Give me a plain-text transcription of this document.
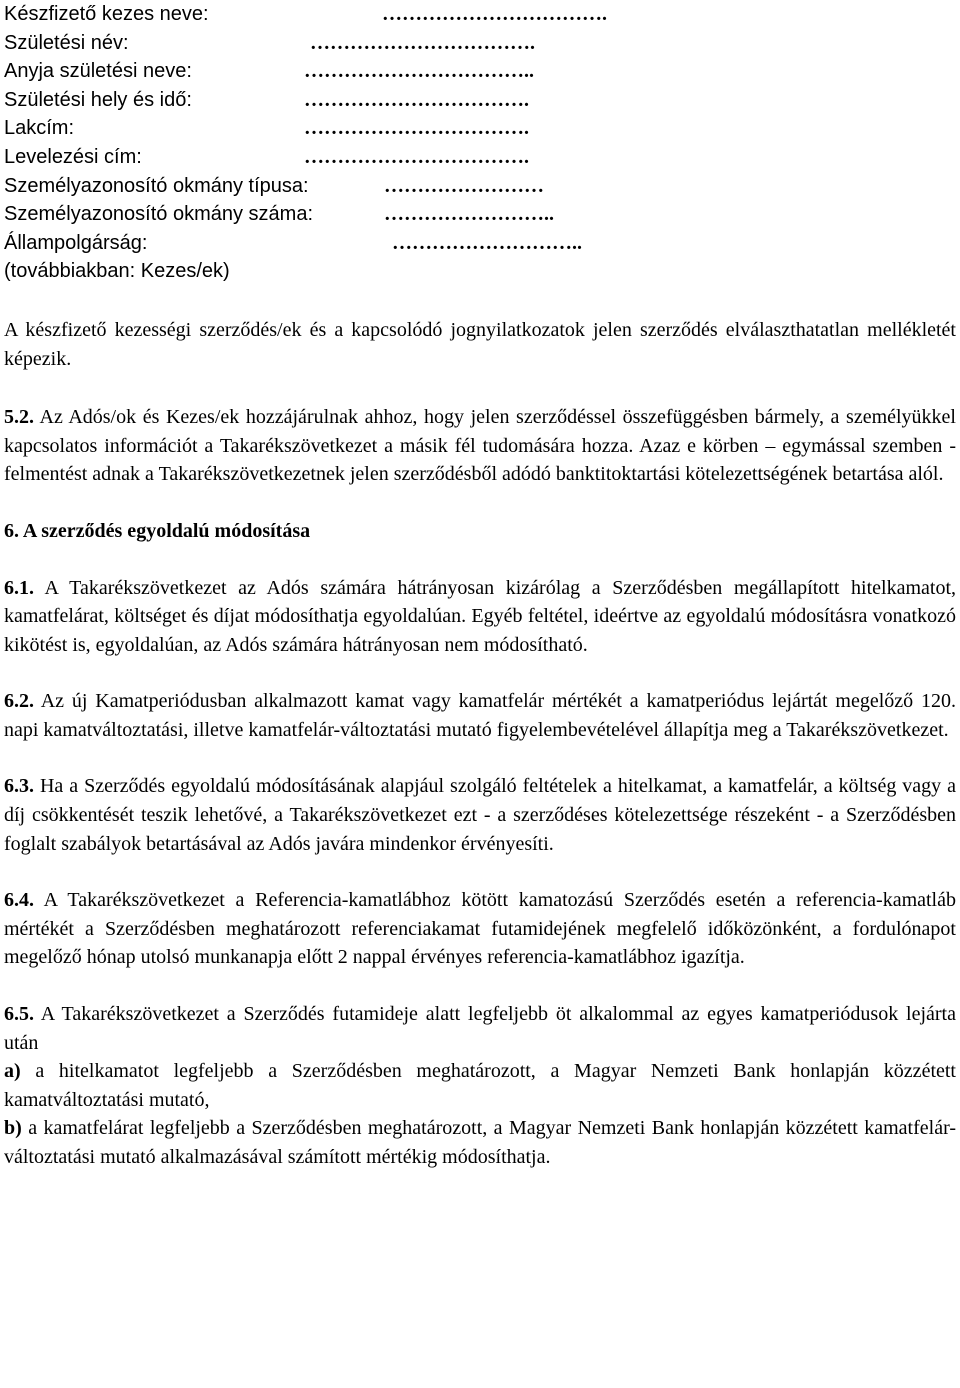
Készfizető kezes neve:	…………………………….
Születési név:	…………………………….
Anyja születési neve:	……………………………..
Születési hely és idő:	…………………………….
Lakcím:	…………………………….
Levelezési cím:	…………………………….
Személyazonosító okmány típusa:	……………………
Személyazonosító okmány száma:	……………………..
Állampolgárság:	………………………..
(továbbiakban: Kezes/ek)

A készfizető kezességi szerződés/ek és a kapcsolódó jognyilatkozatok jelen szerződés elválaszthatatlan mellékletét képezik.

5.2. Az Adós/ok és Kezes/ek hozzájárulnak ahhoz, hogy jelen szerződéssel összefüggésben bármely, a személyükkel kapcsolatos információt a Takarékszövetkezet a másik fél tudomására hozza. Azaz e körben – egymással szemben - felmentést adnak a Takarékszövetkezetnek jelen szerződésből adódó banktitoktartási kötelezettségének betartása alól.

6. A szerződés egyoldalú módosítása

6.1. A Takarékszövetkezet az Adós számára hátrányosan kizárólag a Szerződésben megállapított hitelkamatot, kamatfelárat, költséget és díjat módosíthatja egyoldalúan. Egyéb feltétel, ideértve az egyoldalú módosításra vonatkozó kikötést is, egyoldalúan, az Adós számára hátrányosan nem módosítható.

6.2. Az új Kamatperiódusban alkalmazott kamat vagy kamatfelár mértékét a kamatperiódus lejártát megelőző 120. napi kamatváltoztatási, illetve kamatfelár-változtatási mutató figyelembevételével állapítja meg a Takarékszövetkezet.

6.3. Ha a Szerződés egyoldalú módosításának alapjául szolgáló feltételek a hitelkamat, a kamatfelár, a költség vagy a díj csökkentését teszik lehetővé, a Takarékszövetkezet ezt - a szerződéses kötelezettsége részeként - a Szerződésben foglalt szabályok betartásával az Adós javára mindenkor érvényesíti.

6.4. A Takarékszövetkezet a Referencia-kamatlábhoz kötött kamatozású Szerződés esetén a referencia-kamatláb mértékét a Szerződésben meghatározott referenciakamat futamidejének megfelelő időközönként, a fordulónapot megelőző hónap utolsó munkanapja előtt 2 nappal érvényes referencia-kamatlábhoz igazítja.

6.5. A Takarékszövetkezet a Szerződés futamideje alatt legfeljebb öt alkalommal az egyes kamatperiódusok lejárta után

a) a hitelkamatot legfeljebb a Szerződésben meghatározott, a Magyar Nemzeti Bank honlapján közzétett kamatváltoztatási mutató,

b) a kamatfelárat legfeljebb a Szerződésben meghatározott, a Magyar Nemzeti Bank honlapján közzétett kamatfelár-változtatási mutató alkalmazásával számított mértékig módosíthatja.
